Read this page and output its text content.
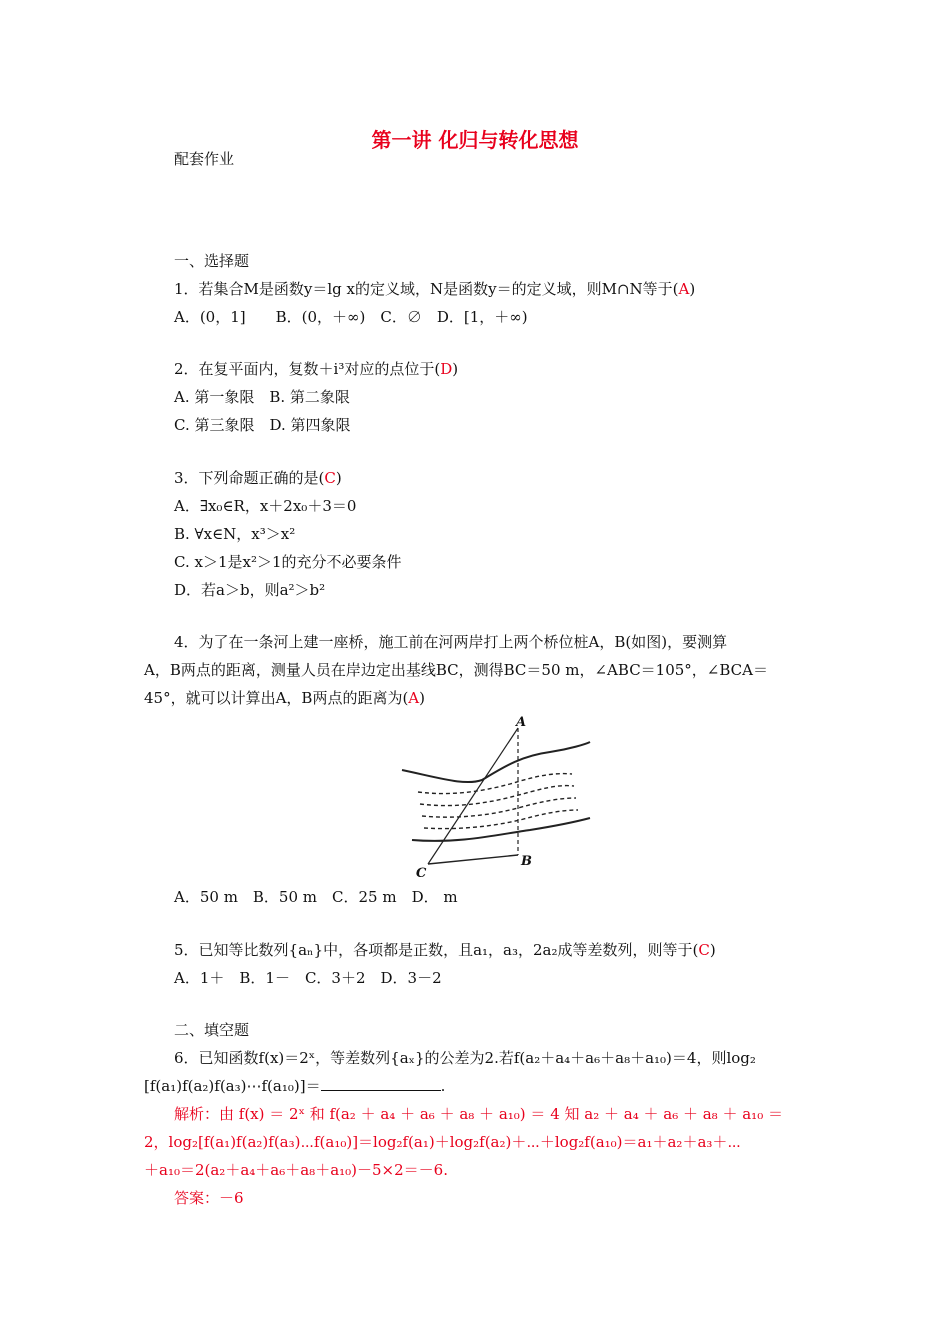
第一讲 化归与转化思想
配套作业
一、选择题
1．若集合M是函数y＝lg x的定义域，N是函数y＝的定义域，则M∩N等于(A)
A．(0，1]　　B．(0，＋∞)　C．∅　D．[1，＋∞)
2．在复平面内，复数＋i³对应的点位于(D)
A. 第一象限　B. 第二象限
C. 第三象限　D. 第四象限
3．下列命题正确的是(C)
A．∃x₀∈R，x＋2x₀＋3＝0
B. ∀x∈N，x³＞x²
C. x＞1是x²＞1的充分不必要条件
D．若a＞b，则a²＞b²
4．为了在一条河上建一座桥，施工前在河两岸打上两个桥位桩A，B(如图)，要测算
A，B两点的距离，测量人员在岸边定出基线BC，测得BC＝50 m，∠ABC＝105°，∠BCA＝
45°，就可以计算出A，B两点的距离为(A)
A
B
C
A．50 m　B．50 m　C．25 m　D． m
5．已知等比数列{aₙ}中，各项都是正数，且a₁，a₃，2a₂成等差数列，则等于(C)
A．1＋　B．1－　C．3＋2　D．3－2
二、填空题
6．已知函数f(x)＝2ˣ，等差数列{aₓ}的公差为2.若f(a₂＋a₄＋a₆＋a₈＋a₁₀)＝4，则log₂
[f(a₁)f(a₂)f(a₃)⋯f(a₁₀)]＝	.
解析：由 f(x) ＝ 2ˣ 和 f(a₂ ＋ a₄ ＋ a₆ ＋ a₈ ＋ a₁₀) ＝ 4 知 a₂ ＋ a₄ ＋ a₆ ＋ a₈ ＋ a₁₀ ＝
2，log₂[f(a₁)f(a₂)f(a₃)⋯f(a₁₀)]＝log₂f(a₁)＋log₂f(a₂)＋⋯＋log₂f(a₁₀)＝a₁＋a₂＋a₃＋⋯
＋a₁₀＝2(a₂＋a₄＋a₆＋a₈＋a₁₀)－5×2＝－6.
答案：－6
